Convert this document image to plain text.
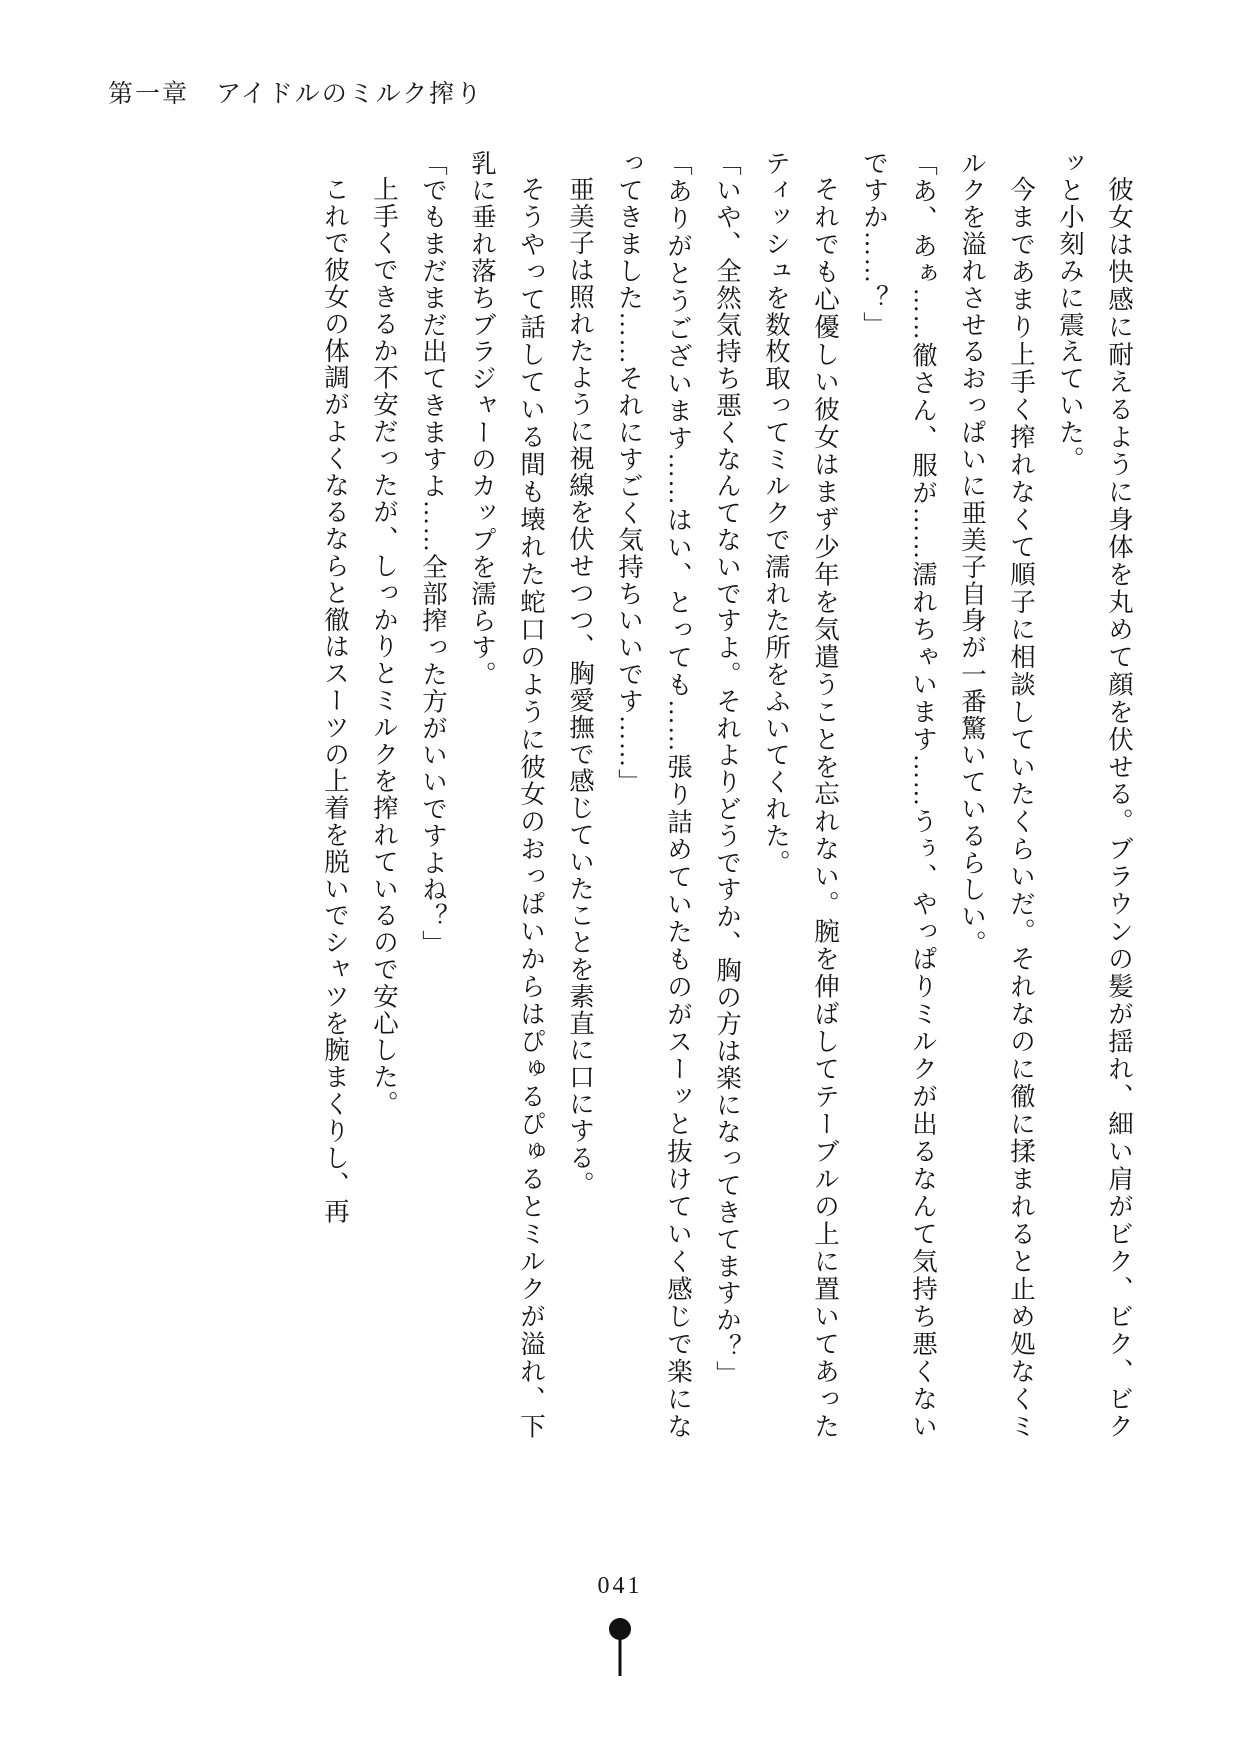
第一章　アイドルのミルク搾り

彼女は快感に耐えるように身体を丸めて顔を伏せる。ブラウンの髪が揺れ、細い肩がビク、ビク、ビクッと小刻みに震えていた。

今まであまり上手く搾れなくて順子に相談していたくらいだ。それなのに徹に揉まれると止め処なくミルクを溢れさせるおっぱいに亜美子自身が一番驚いているらしい。

「あ、あぁ……徹さん、服が……濡れちゃいます……うぅ、やっぱりミルクが出るなんて気持ち悪くないですか……？」

それでも心優しい彼女はまず少年を気遣うことを忘れない。腕を伸ばしてテーブルの上に置いてあったティッシュを数枚取ってミルクで濡れた所をふいてくれた。

「いや、全然気持ち悪くなんてないですよ。それよりどうですか、胸の方は楽になってきてますか？」

「ありがとうございます……はい、とっても……張り詰めていたものがスーッと抜けていく感じで楽になってきました……それにすごく気持ちいいです……」

亜美子は照れたように視線を伏せつつ、胸愛撫で感じていたことを素直に口にする。

そうやって話している間も壊れた蛇口のように彼女のおっぱいからはぴゅるぴゅるとミルクが溢れ、下乳に垂れ落ちブラジャーのカップを濡らす。

「でもまだまだ出てきますよ……全部搾った方がいいですよね？」

上手くできるか不安だったが、しっかりとミルクを搾れているので安心した。

これで彼女の体調がよくなるならと徹はスーツの上着を脱いでシャツを腕まくりし、再

041
